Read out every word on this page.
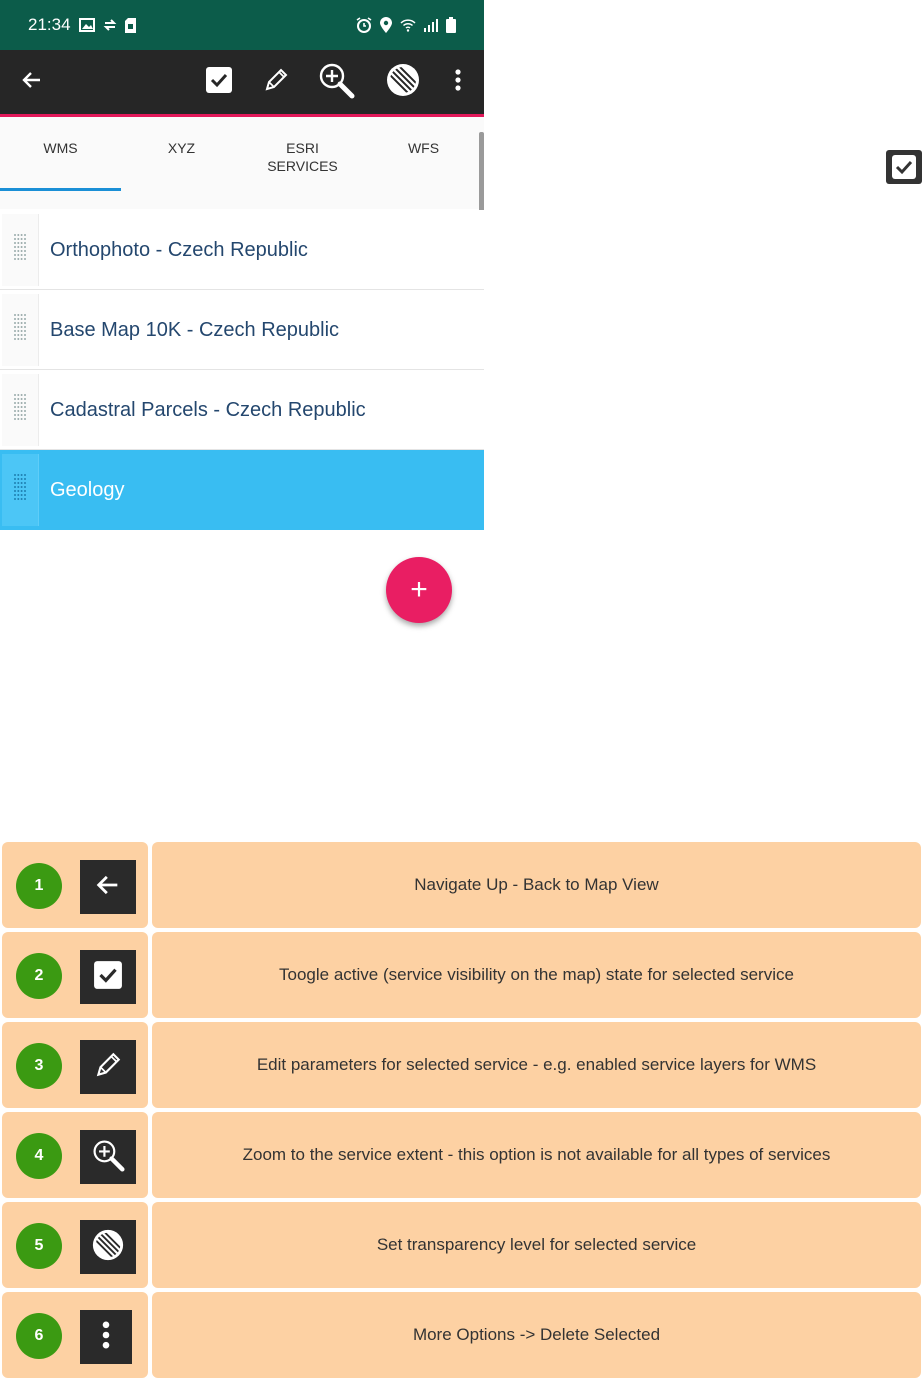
21:34
WMS	XYZ	ESRI SERVICES
WFS
Orthophoto - Czech Republic
Base Map 10K - Czech Republic
Cadastral Parcels - Czech Republic
Geology
+
1	Navigate Up - Back to Map View
2	Toogle active (service visibility on the map) state for selected service
3	Edit parameters for selected service - e.g. enabled service layers for WMS
4	Zoom to the service extent - this option is not available for all types of services
5	Set transparency level for selected service
6	More Options -> Delete Selected
